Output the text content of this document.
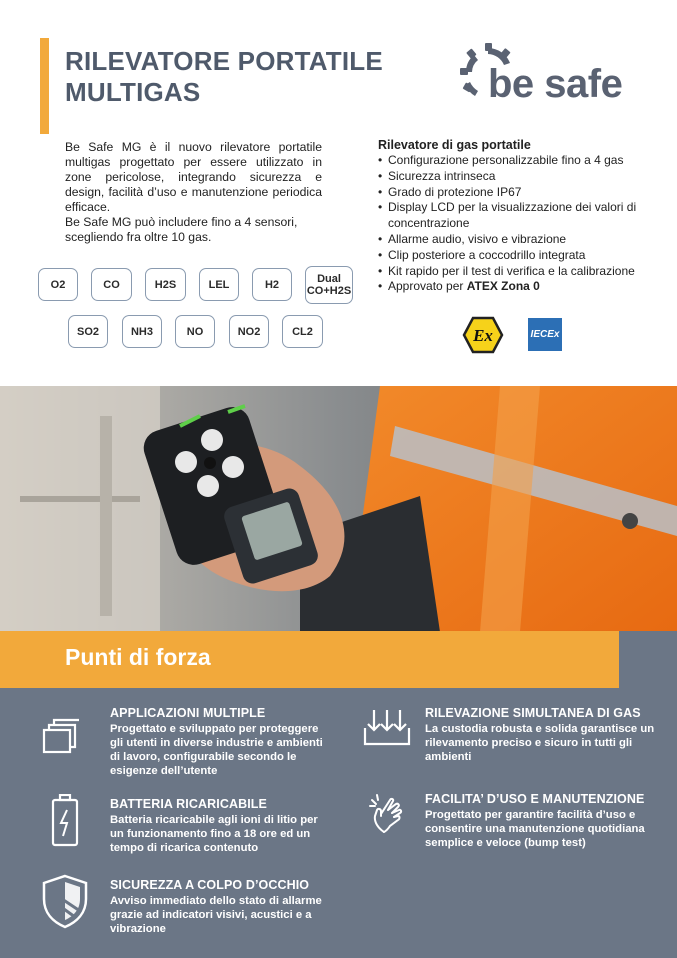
RILEVATORE PORTATILE
MULTIGAS	be safe

Be Safe MG è il nuovo rilevatore portatile multigas progettato per essere utilizzato in zone pericolose, integrando sicurezza e design, facilità d’uso e manutenzione periodica efficace.

Be Safe MG può includere fino a 4 sensori, scegliendo fra oltre 10 gas.

O2	CO	H2S	LEL	H2	Dual
CO+H2S
SO2	NH3	NO	NO2	CL2
Rilevatore di gas portatile
• Configurazione personalizzabile fino a 4 gas
• Sicurezza intrinseca
• Grado di protezione IP67
• Display LCD per la visualizzazione dei valori di concentrazione
• Allarme audio, visivo e vibrazione
• Clip posteriore a coccodrillo integrata
• Kit rapido per il test di verifica e la calibrazione
• Approvato per ATEX Zona 0
Ex	IECEx
Punti di forza
APPLICAZIONI MULTIPLE

Progettato e sviluppato per proteggere gli utenti in diverse industrie e ambienti di lavoro, configurabile secondo le esigenze dell’utente

BATTERIA RICARICABILE

Batteria ricaricabile agli ioni di litio per un funzionamento fino a 18 ore ed un tempo di ricarica contenuto

SICUREZZA A COLPO D’OCCHIO

Avviso immediato dello stato di allarme grazie ad indicatori visivi, acustici e a vibrazione

RILEVAZIONE SIMULTANEA DI GAS

La custodia robusta e solida garantisce un rilevamento preciso e sicuro in tutti gli ambienti

FACILITA’ D’USO E MANUTENZIONE

Progettato per garantire facilità d’uso e consentire una manutenzione quotidiana semplice e veloce (bump test)
